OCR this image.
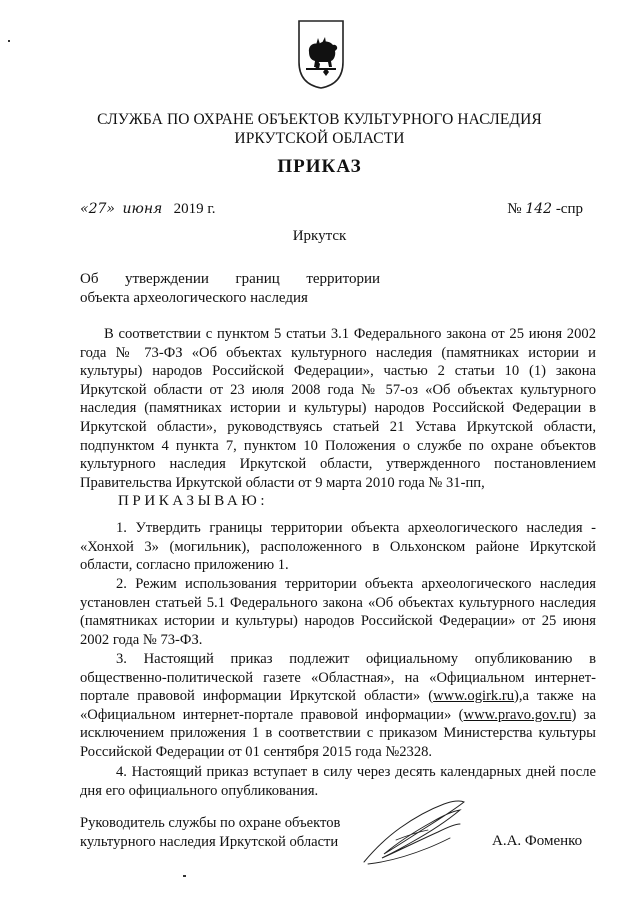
СЛУЖБА ПО ОХРАНЕ ОБЪЕКТОВ КУЛЬТУРНОГО НАСЛЕДИЯ
ИРКУТСКОЙ ОБЛАСТИ
ПРИКАЗ
«27» июня 2019 г.	№ 142 -спр
Иркутск
Об утверждении границ территории
объекта археологического наследия
В соответствии с пунктом 5 статьи 3.1 Федерального закона от 25 июня 2002 года № 73-ФЗ «Об объектах культурного наследия (памятниках истории и культуры) народов Российской Федерации», частью 2 статьи 10 (1) закона Иркутской области от 23 июля 2008 года № 57-оз «Об объектах культурного наследия (памятниках истории и культуры) народов Российской Федерации в Иркутской области», руководствуясь статьей 21 Устава Иркутской области, подпунктом 4 пункта 7, пунктом 10 Положения о службе по охране объектов культурного наследия Иркутской области, утвержденного постановлением Правительства Иркутской области от 9 марта 2010 года № 31-пп,
ПРИКАЗЫВАЮ:
1. Утвердить границы территории объекта археологического наследия - «Хонхой 3» (могильник), расположенного в Ольхонском районе Иркутской области, согласно приложению 1.
2. Режим использования территории объекта археологического наследия установлен статьей 5.1 Федерального закона «Об объектах культурного наследия (памятниках истории и культуры) народов Российской Федерации» от 25 июня 2002 года № 73-ФЗ.
3. Настоящий приказ подлежит официальному опубликованию в общественно-политической газете «Областная», на «Официальном интернет-портале правовой информации Иркутской области» (www.ogirk.ru),а также на «Официальном интернет-портале правовой информации» (www.pravo.gov.ru) за исключением приложения 1 в соответствии с приказом Министерства культуры Российской Федерации от 01 сентября 2015 года №2328.
4. Настоящий приказ вступает в силу через десять календарных дней после дня его официального опубликования.
Руководитель службы по охране объектов
культурного наследия Иркутской области	А.А. Фоменко
